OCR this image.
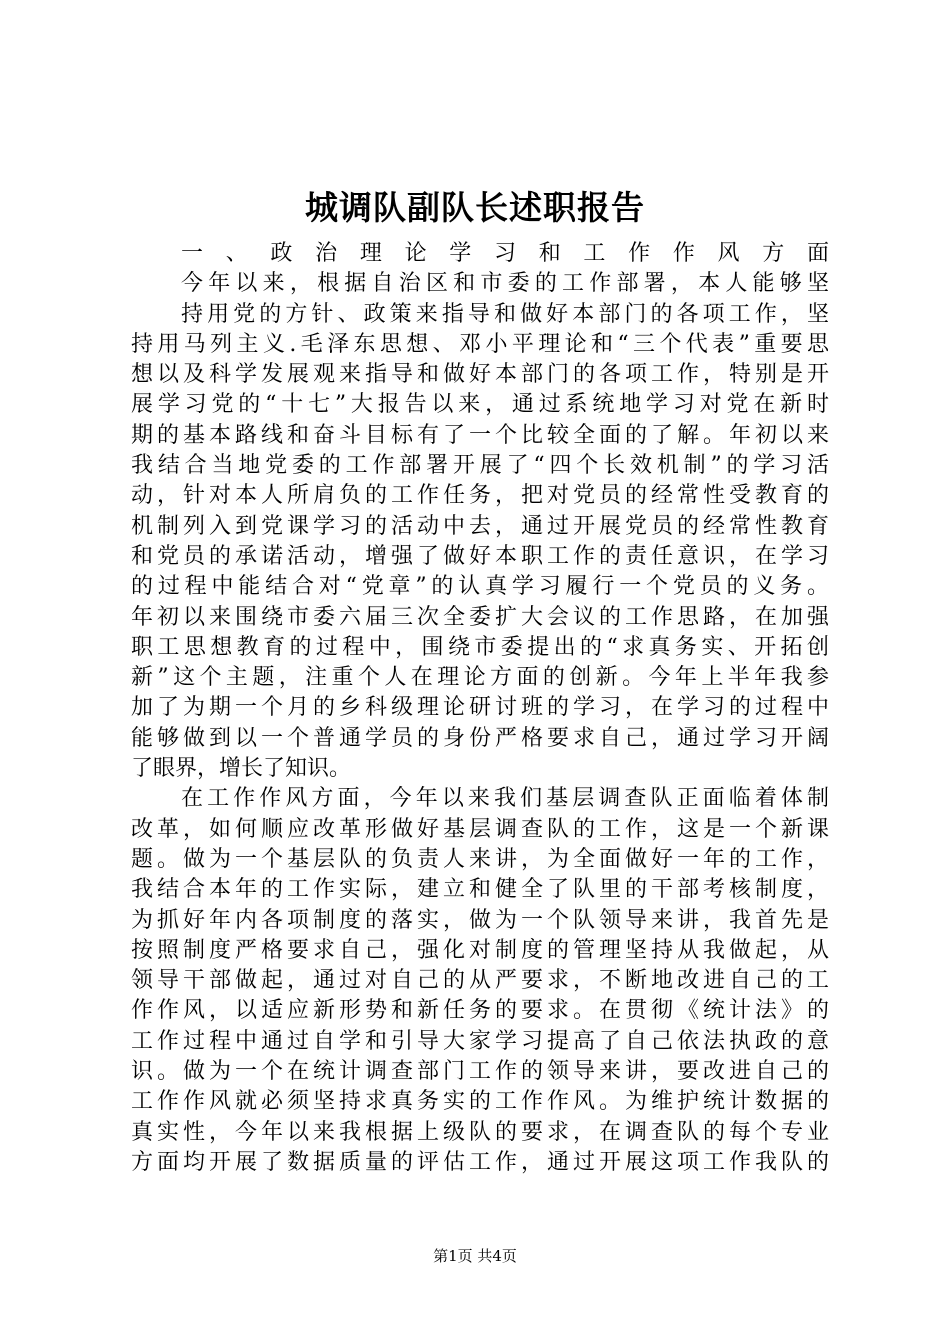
城调队副队长述职报告
一、政治理论学习和工作作风方面
今年以来，根据自治区和市委的工作部署，本人能够坚
持用党的方针、政策来指导和做好本部门的各项工作，坚
持用马列主义.毛泽东思想、邓小平理论和“三个代表”重要思
想以及科学发展观来指导和做好本部门的各项工作，特别是开
展学习党的“十七”大报告以来，通过系统地学习对党在新时
期的基本路线和奋斗目标有了一个比较全面的了解。年初以来
我结合当地党委的工作部署开展了“四个长效机制”的学习活
动，针对本人所肩负的工作任务，把对党员的经常性受教育的
机制列入到党课学习的活动中去，通过开展党员的经常性教育
和党员的承诺活动，增强了做好本职工作的责任意识，在学习
的过程中能结合对“党章”的认真学习履行一个党员的义务。
年初以来围绕市委六届三次全委扩大会议的工作思路，在加强
职工思想教育的过程中，围绕市委提出的“求真务实、开拓创
新”这个主题，注重个人在理论方面的创新。今年上半年我参
加了为期一个月的乡科级理论研讨班的学习，在学习的过程中
能够做到以一个普通学员的身份严格要求自己，通过学习开阔
了眼界，增长了知识。
在工作作风方面，今年以来我们基层调查队正面临着体制
改革，如何顺应改革形做好基层调查队的工作，这是一个新课
题。做为一个基层队的负责人来讲，为全面做好一年的工作，
我结合本年的工作实际，建立和健全了队里的干部考核制度，
为抓好年内各项制度的落实，做为一个队领导来讲，我首先是
按照制度严格要求自己，强化对制度的管理坚持从我做起，从
领导干部做起，通过对自己的从严要求，不断地改进自己的工
作作风，以适应新形势和新任务的要求。在贯彻《统计法》的
工作过程中通过自学和引导大家学习提高了自己依法执政的意
识。做为一个在统计调查部门工作的领导来讲，要改进自己的
工作作风就必须坚持求真务实的工作作风。为维护统计数据的
真实性，今年以来我根据上级队的要求，在调查队的每个专业
方面均开展了数据质量的评估工作，通过开展这项工作我队的
第1页 共4页
